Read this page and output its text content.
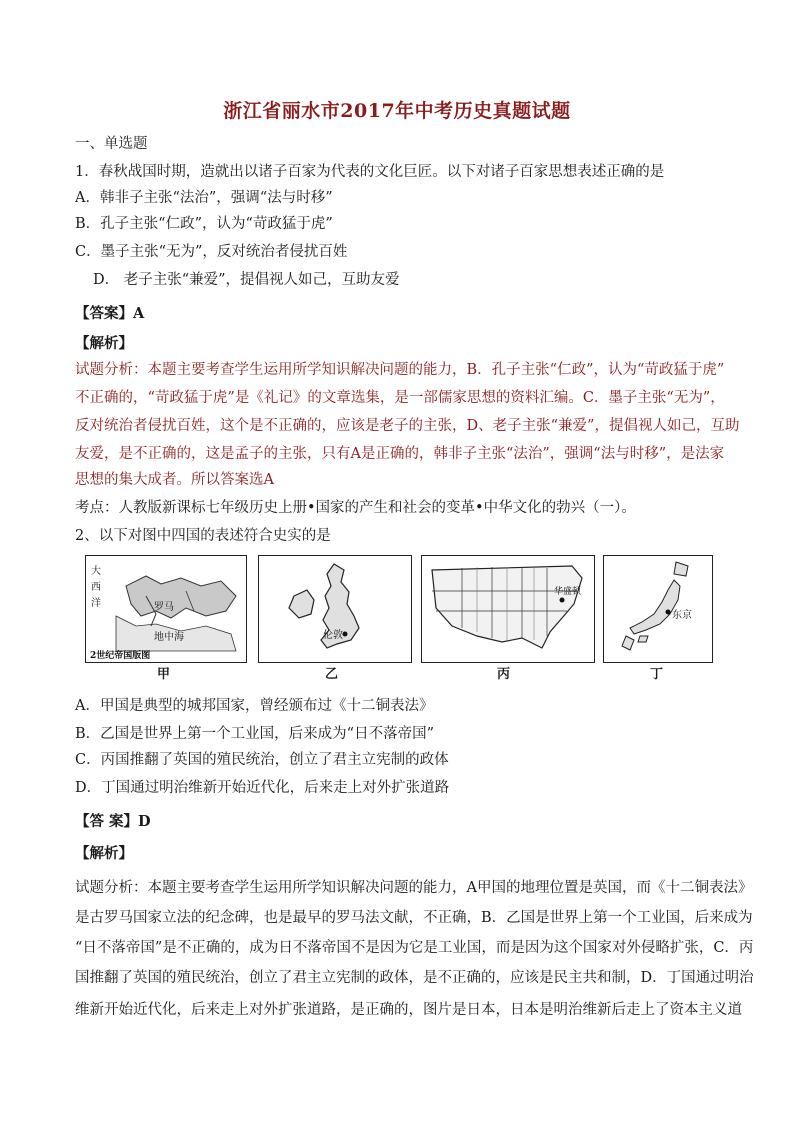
浙江省丽水市2017年中考历史真题试题
一、单选题
1．春秋战国时期，造就出以诸子百家为代表的文化巨匠。以下对诸子百家思想表述正确的是
A．韩非子主张“法治”，强调“法与时移”
B．孔子主张“仁政”，认为“苛政猛于虎”
C．墨子主张“无为”，反对统治者侵扰百姓
D． 老子主张“兼爱”，提倡视人如己，互助友爱
【答案】A
【解析】
试题分析：本题主要考查学生运用所学知识解决问题的能力，B．孔子主张“仁政”，认为“苛政猛于虎”
不正确的，“苛政猛于虎”是《礼记》的文章选集，是一部儒家思想的资料汇编。C．墨子主张“无为”，
反对统治者侵扰百姓，这个是不正确的，应该是老子的主张，D、老子主张“兼爱”，提倡视人如己，互助
友爱，是不正确的，这是孟子的主张，只有A是正确的，韩非子主张“法治”，强调“法与时移”，是法家
思想的集大成者。所以答案选A
考点：人教版新课标七年级历史上册•国家的产生和社会的变革•中华文化的勃兴（一）。
2、以下对图中四国的表述符合史实的是
大
西
洋	罗马
地中海
2世纪帝国版图
甲
伦敦
乙
华盛顿
丙
东京
丁
A．甲国是典型的城邦国家，曾经颁布过《十二铜表法》
B．乙国是世界上第一个工业国，后来成为“日不落帝国”
C．丙国推翻了英国的殖民统治，创立了君主立宪制的政体
D．丁国通过明治维新开始近代化，后来走上对外扩张道路
【答 案】D
【解析】
试题分析：本题主要考查学生运用所学知识解决问题的能力，A甲国的地理位置是英国，而《十二铜表法》
是古罗马国家立法的纪念碑，也是最早的罗马法文献，不正确，B．乙国是世界上第一个工业国，后来成为
“日不落帝国”是不正确的，成为日不落帝国不是因为它是工业国，而是因为这个国家对外侵略扩张，C．丙
国推翻了英国的殖民统治，创立了君主立宪制的政体，是不正确的，应该是民主共和制，D．丁国通过明治
维新开始近代化，后来走上对外扩张道路，是正确的，图片是日本，日本是明治维新后走上了资本主义道
